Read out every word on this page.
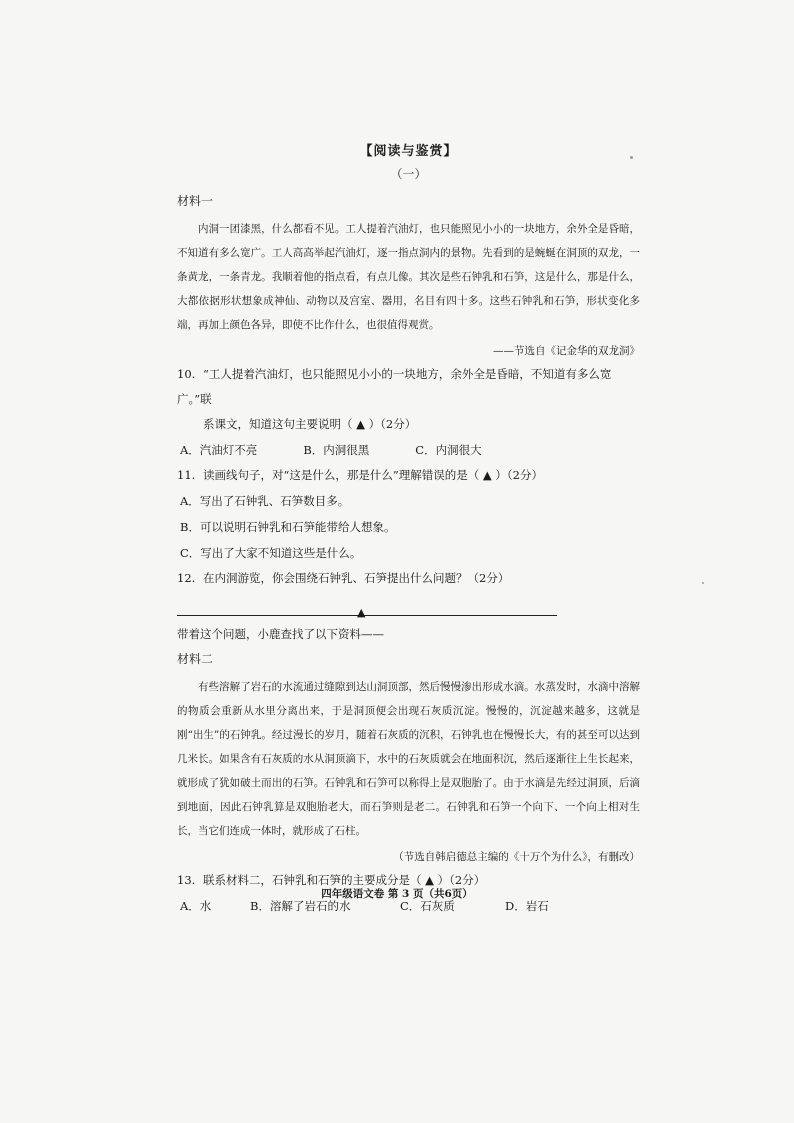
【阅读与鉴赏】
（一）
材料一

内洞一团漆黑，什么都看不见。工人提着汽油灯，也只能照见小小的一块地方，余外全是昏暗，不知道有多么宽广。工人高高举起汽油灯，逐一指点洞内的景物。先看到的是蜿蜒在洞顶的双龙，一条黄龙，一条青龙。我顺着他的指点看，有点儿像。其次是些石钟乳和石笋，这是什么，那是什么，大都依据形状想象成神仙、动物以及宫室、器用，名目有四十多。这些石钟乳和石笋，形状变化多端，再加上颜色各异，即使不比作什么，也很值得观赏。

——节选自《记金华的双龙洞》

10. “工人提着汽油灯，也只能照见小小的一块地方，余外全是昏暗，不知道有多么宽广。”联

系课文，知道这句主要说明（ ▲ ）（2分）

A．汽油灯不亮	B．内洞很黑	C．内洞很大

11. 读画线句子，对“这是什么，那是什么”理解错误的是（ ▲ ）（2分）

A．写出了石钟乳、石笋数目多。
B．可以说明石钟乳和石笋能带给人想象。
C．写出了大家不知道这些是什么。

12. 在内洞游览，你会围绕石钟乳、石笋提出什么问题？（2分）

▲
带着这个问题，小鹿查找了以下资料——
材料二

有些溶解了岩石的水流通过缝隙到达山洞顶部，然后慢慢渗出形成水滴。水蒸发时，水滴中溶解的物质会重新从水里分离出来，于是洞顶便会出现石灰质沉淀。慢慢的，沉淀越来越多，这就是刚“出生”的石钟乳。经过漫长的岁月，随着石灰质的沉积，石钟乳也在慢慢长大，有的甚至可以达到几米长。如果含有石灰质的水从洞顶滴下，水中的石灰质就会在地面积沉，然后逐渐往上生长起来，就形成了犹如破土而出的石笋。石钟乳和石笋可以称得上是双胞胎了。由于水滴是先经过洞顶，后滴到地面，因此石钟乳算是双胞胎老大，而石笋则是老二。石钟乳和石笋一个向下、一个向上相对生长，当它们连成一体时，就形成了石柱。

（节选自韩启德总主编的《十万个为什么》，有删改）

13. 联系材料二，石钟乳和石笋的主要成分是（ ▲ ）（2分）

A．水	B．溶解了岩石的水	C．石灰质	D．岩石
四年级语文卷 第 3 页（共6页）
